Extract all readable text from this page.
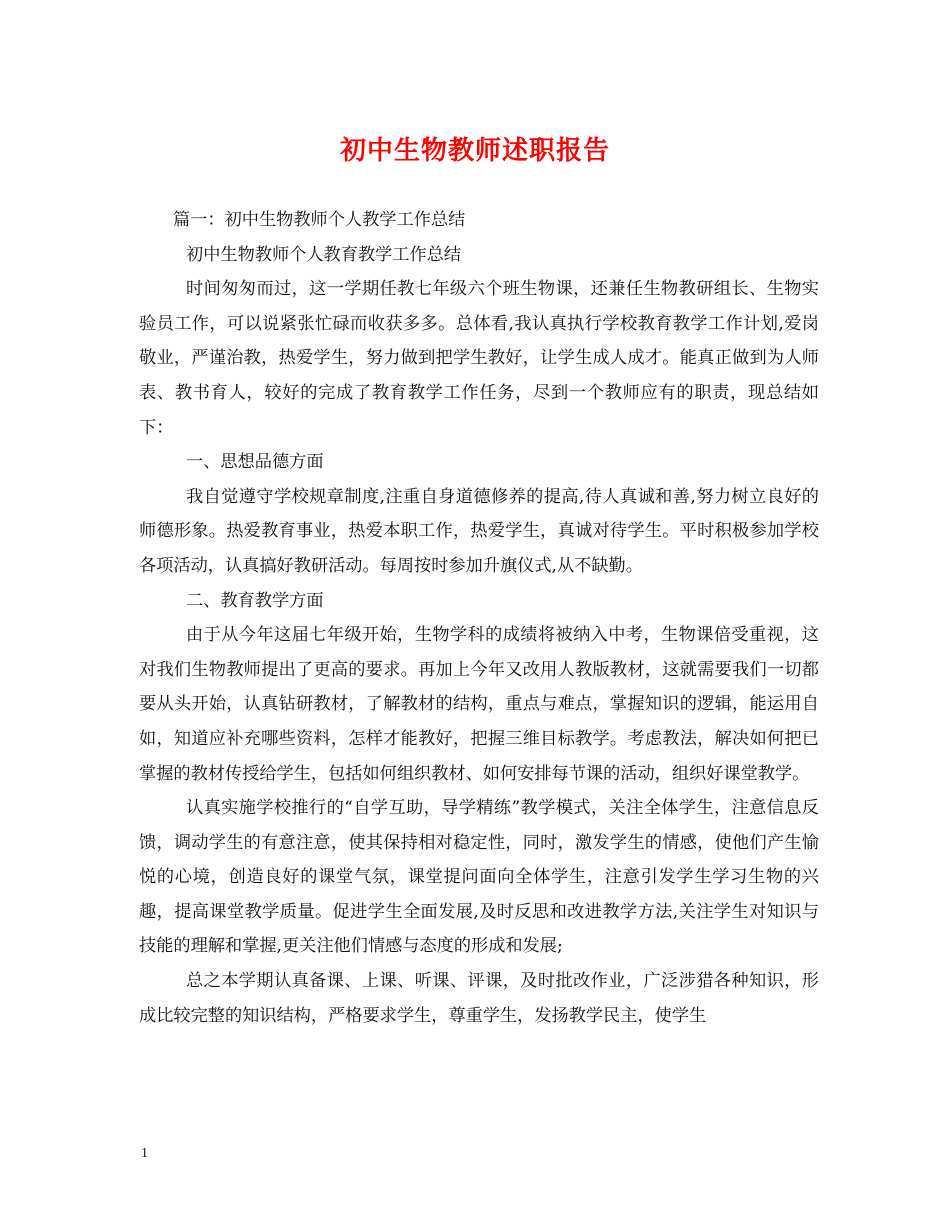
初中生物教师述职报告

篇一：初中生物教师个人教学工作总结

初中生物教师个人教育教学工作总结

时间匆匆而过，这一学期任教七年级六个班生物课，还兼任生物教研组长、生物实验员工作，可以说紧张忙碌而收获多多。总体看,我认真执行学校教育教学工作计划,爱岗敬业，严谨治教，热爱学生，努力做到把学生教好，让学生成人成才。能真正做到为人师表、教书育人，较好的完成了教育教学工作任务，尽到一个教师应有的职责，现总结如下：

一、思想品德方面

我自觉遵守学校规章制度,注重自身道德修养的提高,待人真诚和善,努力树立良好的师德形象。热爱教育事业，热爱本职工作，热爱学生，真诚对待学生。平时积极参加学校各项活动，认真搞好教研活动。每周按时参加升旗仪式,从不缺勤。

二、教育教学方面

由于从今年这届七年级开始，生物学科的成绩将被纳入中考，生物课倍受重视，这对我们生物教师提出了更高的要求。再加上今年又改用人教版教材，这就需要我们一切都要从头开始，认真钻研教材，了解教材的结构，重点与难点，掌握知识的逻辑，能运用自如，知道应补充哪些资料，怎样才能教好，把握三维目标教学。考虑教法，解决如何把已掌握的教材传授给学生，包括如何组织教材、如何安排每节课的活动，组织好课堂教学。

认真实施学校推行的“自学互助，导学精练”教学模式，关注全体学生，注意信息反馈，调动学生的有意注意，使其保持相对稳定性，同时，激发学生的情感，使他们产生愉悦的心境，创造良好的课堂气氛，课堂提问面向全体学生，注意引发学生学习生物的兴趣，提高课堂教学质量。促进学生全面发展,及时反思和改进教学方法,关注学生对知识与技能的理解和掌握,更关注他们情感与态度的形成和发展;

总之本学期认真备课、上课、听课、评课，及时批改作业，广泛涉猎各种知识，形成比较完整的知识结构，严格要求学生，尊重学生，发扬教学民主，使学生

1
